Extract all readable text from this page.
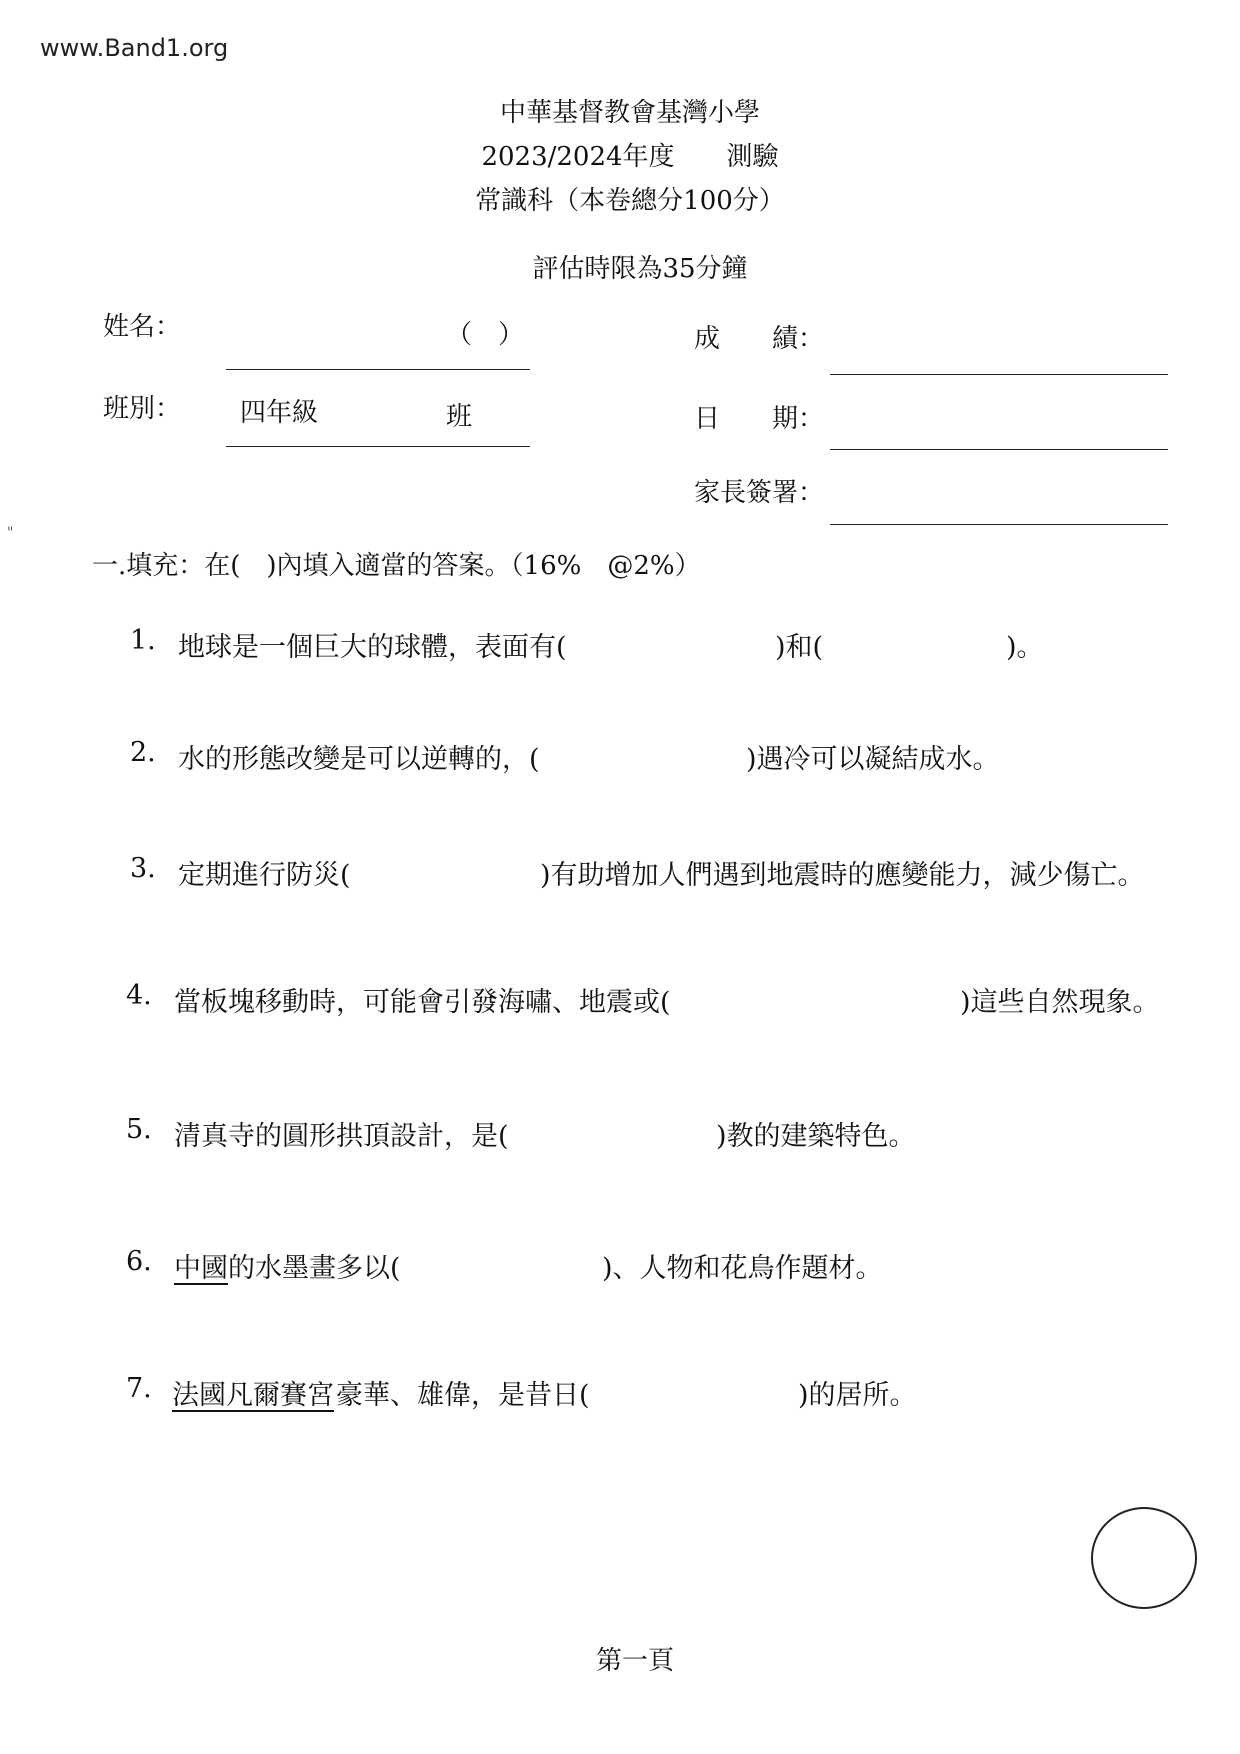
www.Band1.org
"
中華基督教會基灣小學
2023/2024年度　　測驗
常識科（本卷總分100分）
評估時限為35分鐘
姓名：	（　）
班別： 四年級	班
成　　績：
日　　期：
家長簽署：
一.填充：在(　)內填入適當的答案。（16%　@2%）
1. 地球是一個巨大的球體，表面有(	)和(	)。
2. 水的形態改變是可以逆轉的，(	)遇冷可以凝結成水。
3. 定期進行防災(	)有助增加人們遇到地震時的應變能力，減少傷亡。
4. 當板塊移動時，可能會引發海嘯、地震或(	)這些自然現象。
5. 清真寺的圓形拱頂設計，是(	)教的建築特色。
6. 中國 的水墨畫多以(	)、人物和花鳥作題材。
7. 法國凡爾賽宮 豪華、雄偉，是昔日(	)的居所。
第一頁
